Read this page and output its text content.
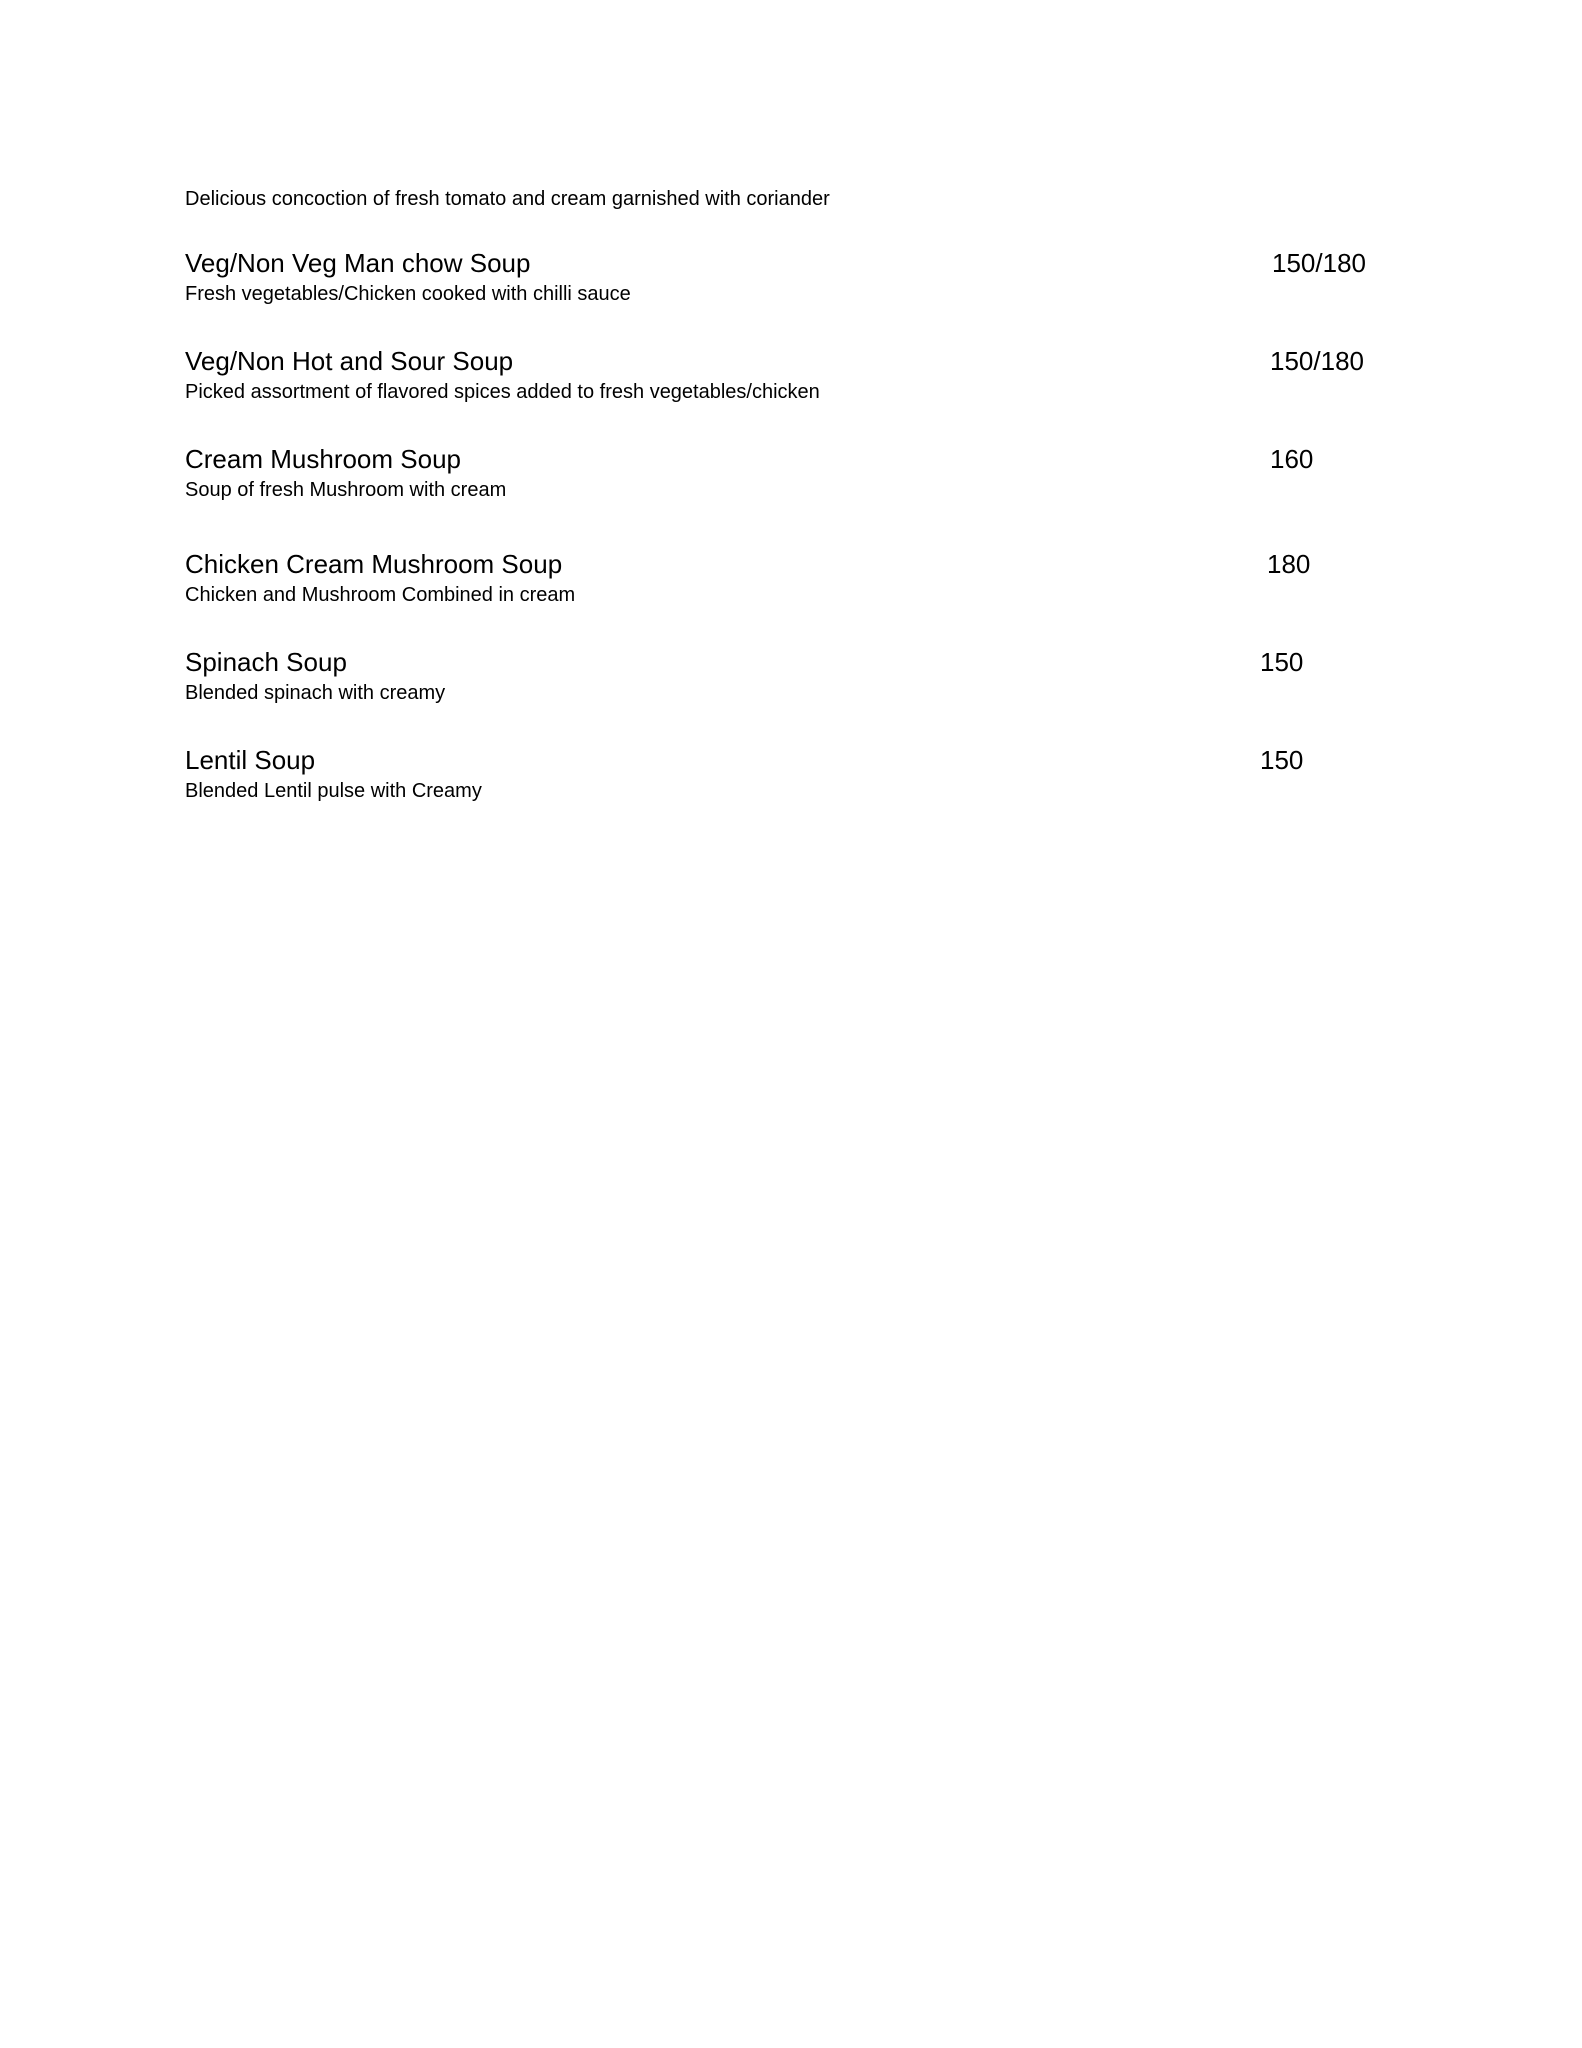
Delicious concoction of fresh tomato and cream garnished with coriander
Veg/Non Veg Man chow Soup	150/180
Fresh vegetables/Chicken cooked with chilli sauce
Veg/Non Hot and Sour Soup	150/180
Picked assortment of flavored spices added to fresh vegetables/chicken
Cream Mushroom Soup	160
Soup of fresh Mushroom with cream
Chicken Cream Mushroom Soup	180
Chicken and Mushroom Combined in cream
Spinach Soup	150
Blended spinach with creamy
Lentil Soup	150
Blended Lentil pulse with Creamy
